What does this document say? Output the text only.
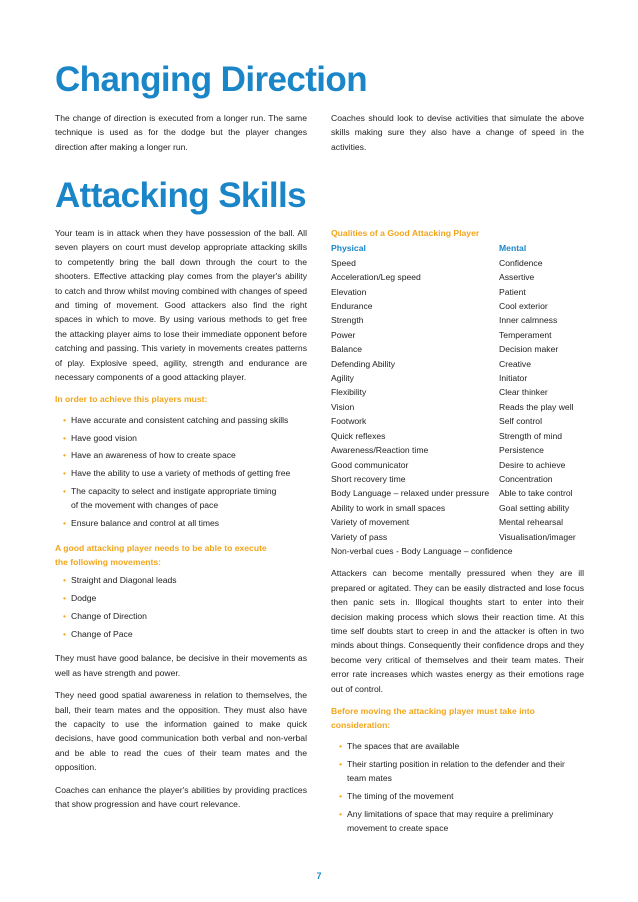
Changing Direction

The change of direction is executed from a longer run. The same technique is used as for the dodge but the player changes direction after making a longer run.

Coaches should look to devise activities that simulate the above skills making sure they also have a change of speed in the activities.

Attacking Skills

Your team is in attack when they have possession of the ball. All seven players on court must develop appropriate attacking skills to competently bring the ball down through the court to the shooters. Effective attacking play comes from the player's ability to catch and throw whilst moving combined with changes of speed and timing of movement. Good attackers also find the right spaces in which to move. By using various methods to get free the attacking player aims to lose their immediate opponent before catching and passing. This variety in movements creates patterns of play. Explosive speed, agility, strength and endurance are necessary components of a good attacking player.

In order to achieve this players must:
• Have accurate and consistent catching and passing skills
• Have good vision
• Have an awareness of how to create space
• Have the ability to use a variety of methods of getting free
• The capacity to select and instigate appropriate timing of the movement with changes of pace
• Ensure balance and control at all times
A good attacking player needs to be able to execute
the following movements:
• Straight and Diagonal leads
• Dodge
• Change of Direction
• Change of Pace

They must have good balance, be decisive in their movements as well as have strength and power.

They need good spatial awareness in relation to themselves, the ball, their team mates and the opposition. They must also have the capacity to use the information gained to make quick decisions, have good communication both verbal and non-verbal and be able to read the cues of their team mates and the opposition.

Coaches can enhance the player's abilities by providing practices that show progression and have court relevance.

Qualities of a Good Attacking Player
Physical	Mental
Speed	Confidence
Acceleration/Leg speed	Assertive
Elevation	Patient
Endurance	Cool exterior
Strength	Inner calmness
Power	Temperament
Balance	Decision maker
Defending Ability	Creative
Agility	Initiator
Flexibility	Clear thinker
Vision	Reads the play well
Footwork	Self control
Quick reflexes	Strength of mind
Awareness/Reaction time	Persistence
Good communicator	Desire to achieve
Short recovery time	Concentration
Body Language – relaxed under pressure	Able to take control
Ability to work in small spaces	Goal setting ability
Variety of movement	Mental rehearsal
Variety of pass	Visualisation/imager
Non-verbal cues - Body Language – confidence

Attackers can become mentally pressured when they are ill prepared or agitated. They can be easily distracted and lose focus then panic sets in. Illogical thoughts start to enter into their decision making process which slows their reaction time. At this time self doubts start to creep in and the attacker is often in two minds about things. Consequently their confidence drops and they become very critical of themselves and their team mates. Their error rate increases which wastes energy as their emotions rage out of control.

Before moving the attacking player must take into consideration:
• The spaces that are available
• Their starting position in relation to the defender and their team mates
• The timing of the movement
• Any limitations of space that may require a preliminary movement to create space
7
